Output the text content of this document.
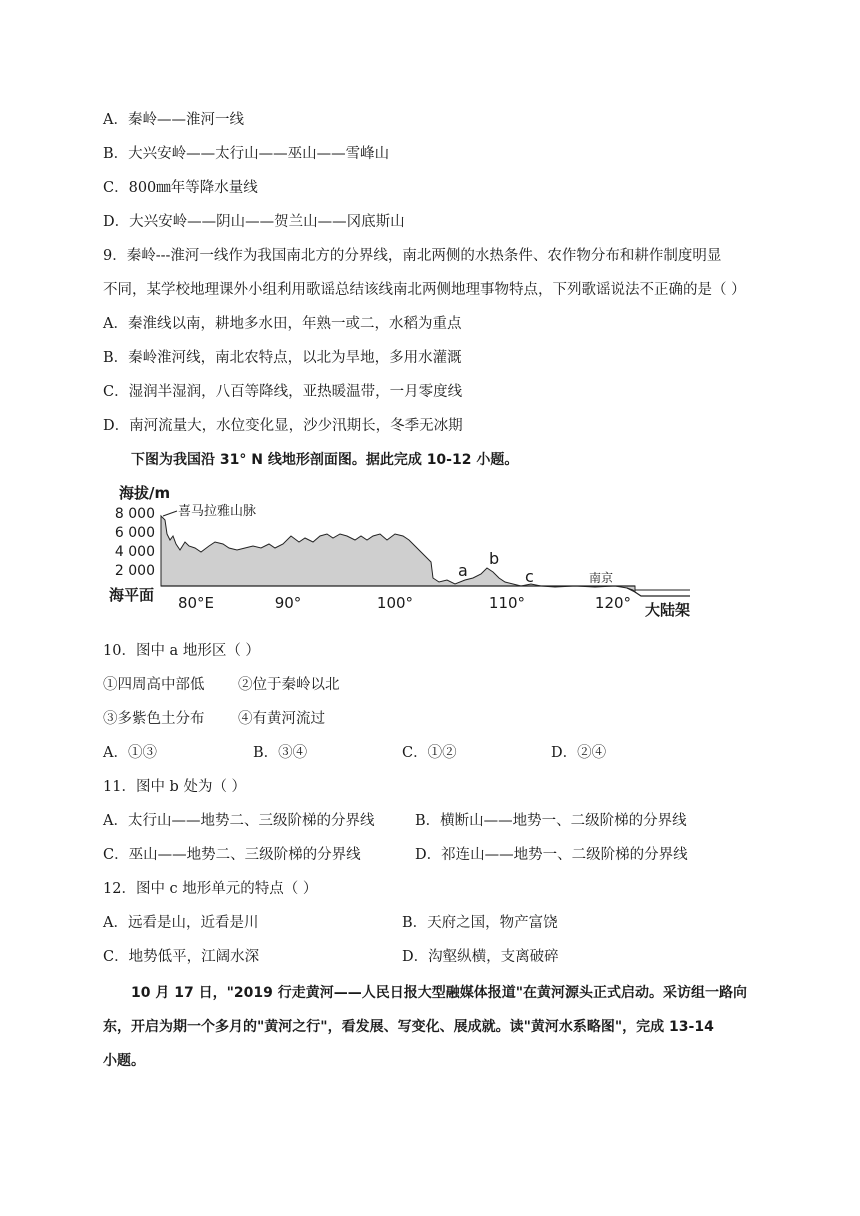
A．秦岭——淮河一线
B．大兴安岭——太行山——巫山——雪峰山
C．800㎜年等降水量线
D．大兴安岭——阴山——贺兰山——冈底斯山
9．秦岭---淮河一线作为我国南北方的分界线，南北两侧的水热条件、农作物分布和耕作制度明显
不同，某学校地理课外小组利用歌谣总结该线南北两侧地理事物特点，下列歌谣说法不正确的是（ ）
A．秦淮线以南，耕地多水田，年熟一或二，水稻为重点
B．秦岭淮河线，南北农特点，以北为旱地，多用水灌溉
C．湿润半湿润，八百等降线，亚热暖温带，一月零度线
D．南河流量大，水位变化显，沙少汛期长，冬季无冰期
下图为我国沿 31° N 线地形剖面图。据此完成 10-12 小题。
海拔/m
8 000
6 000
4 000
2 000
海平面 80°E	90°	100°	110°	120°
喜马拉雅山脉
a
b
c	南京
大陆架
10．图中 a 地形区（ ）
①四周高中部低 ②位于秦岭以北
③多紫色土分布 ④有黄河流过
A．①③	B．③④	C．①②	D．②④
11．图中 b 处为（ ）
A．太行山——地势二、三级阶梯的分界线	B．横断山——地势一、二级阶梯的分界线
C．巫山——地势二、三级阶梯的分界线	D．祁连山——地势一、二级阶梯的分界线
12．图中 c 地形单元的特点（ ）
A．远看是山，近看是川	B．天府之国，物产富饶
C．地势低平，江阔水深	D．沟壑纵横，支离破碎
10 月 17 日，"2019 行走黄河——人民日报大型融媒体报道"在黄河源头正式启动。采访组一路向
东，开启为期一个多月的"黄河之行"，看发展、写变化、展成就。读"黄河水系略图"，完成 13-14
小题。
